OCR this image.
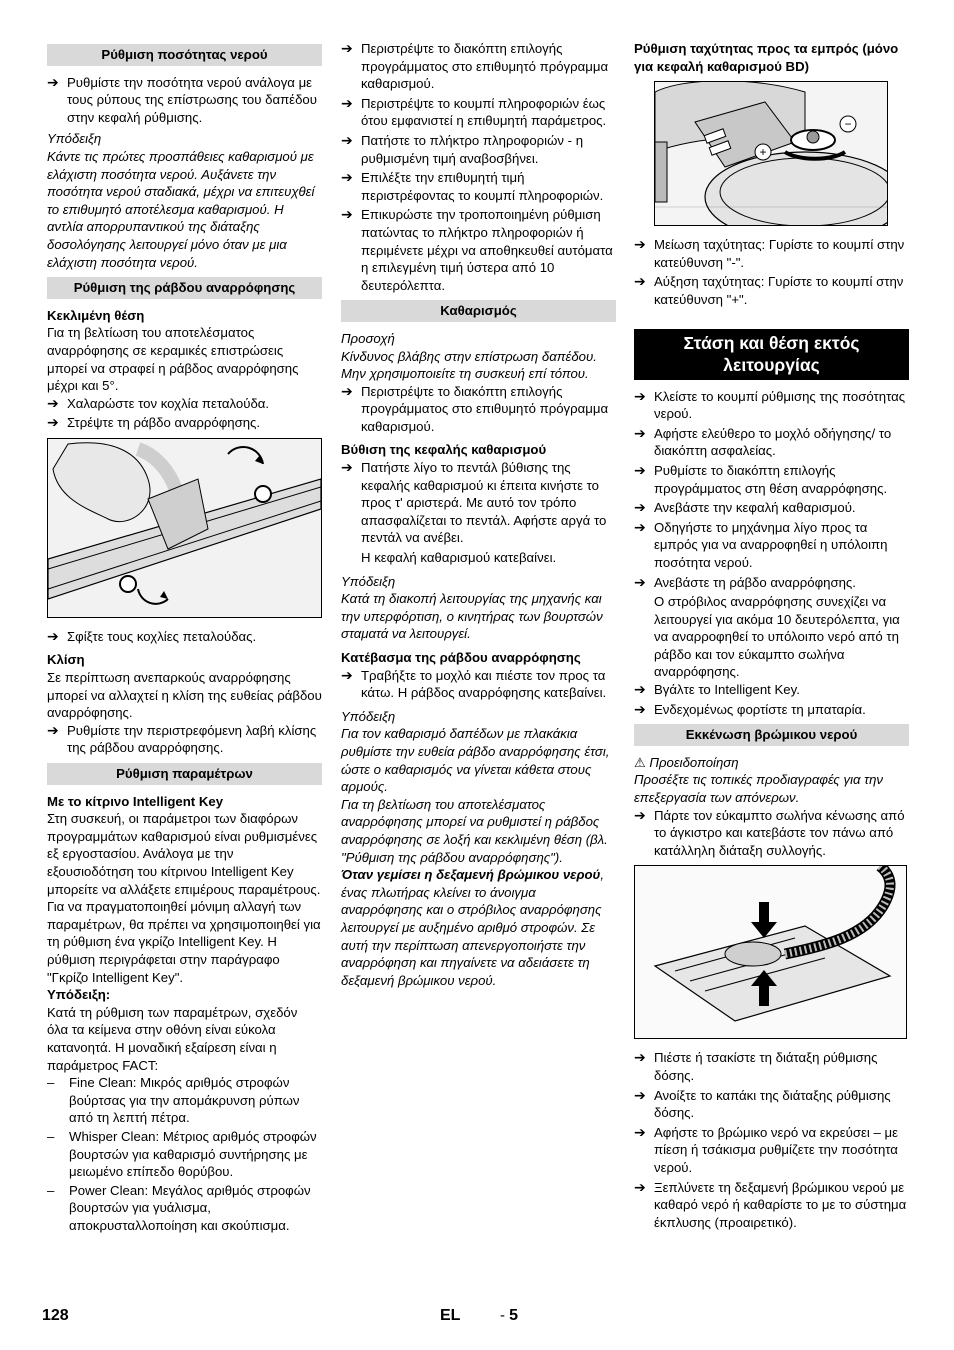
Ρύθμιση ποσότητας νερού
➔ Ρυθμίστε την ποσότητα νερού ανάλογα με τους ρύπους της επίστρωσης του δαπέδου στην κεφαλή ρύθμισης.
Υπόδειξη
Κάντε τις πρώτες προσπάθειες καθαρισμού με ελάχιστη ποσότητα νερού. Αυξάνετε την ποσότητα νερού σταδιακά, μέχρι να επιτευχθεί το επιθυμητό αποτέλεσμα καθαρισμού. Η αντλία απορρυπαντικού της διάταξης δοσολόγησης λειτουργεί μόνο όταν με μια ελάχιστη ποσότητα νερού.
Ρύθμιση της ράβδου αναρρόφησης
Κεκλιμένη θέση
Για τη βελτίωση του αποτελέσματος αναρρόφησης σε κεραμικές επιστρώσεις μπορεί να στραφεί η ράβδος αναρρόφησης μέχρι και 5°.
➔ Χαλαρώστε τον κοχλία πεταλούδα.
➔ Στρέψτε τη ράβδο αναρρόφησης.
➔ Σφίξτε τους κοχλίες πεταλούδας.
Κλίση
Σε περίπτωση ανεπαρκούς αναρρόφησης μπορεί να αλλαχτεί η κλίση της ευθείας ράβδου αναρρόφησης.
➔ Ρυθμίστε την περιστρεφόμενη λαβή κλίσης της ράβδου αναρρόφησης.
Ρύθμιση παραμέτρων
Με το κίτρινο Intelligent Key
Στη συσκευή, οι παράμετροι των διαφόρων προγραμμάτων καθαρισμού είναι ρυθμισμένες εξ εργοστασίου. Ανάλογα με την εξουσιοδότηση του κίτρινου Intelligent Key μπορείτε να αλλάξετε επιμέρους παραμέτρους. Για να πραγματοποιηθεί μόνιμη αλλαγή των παραμέτρων, θα πρέπει να χρησιμοποιηθεί για τη ρύθμιση ένα γκρίζο Intelligent Key. Η ρύθμιση περιγράφεται στην παράγραφο "Γκρίζο Intelligent Key".
Υπόδειξη:
Κατά τη ρύθμιση των παραμέτρων, σχεδόν όλα τα κείμενα στην οθόνη είναι εύκολα κατανοητά. Η μοναδική εξαίρεση είναι η παράμετρος FACT:
– Fine Clean: Μικρός αριθμός στροφών βούρτσας για την απομάκρυνση ρύπων από τη λεπτή πέτρα.
– Whisper Clean: Μέτριος αριθμός στροφών βουρτσών για καθαρισμό συντήρησης με μειωμένο επίπεδο θορύβου.
– Power Clean: Μεγάλος αριθμός στροφών βουρτσών για γυάλισμα, αποκρυσταλλοποίηση και σκούπισμα.
➔ Περιστρέψτε το διακόπτη επιλογής προγράμματος στο επιθυμητό πρόγραμμα καθαρισμού.
➔ Περιστρέψτε το κουμπί πληροφοριών έως ότου εμφανιστεί η επιθυμητή παράμετρος.
➔ Πατήστε το πλήκτρο πληροφοριών - η ρυθμισμένη τιμή αναβοσβήνει.
➔ Επιλέξτε την επιθυμητή τιμή περιστρέφοντας το κουμπί πληροφοριών.
➔ Επικυρώστε την τροποποιημένη ρύθμιση πατώντας το πλήκτρο πληροφοριών ή περιμένετε μέχρι να αποθηκευθεί αυτόματα η επιλεγμένη τιμή ύστερα από 10 δευτερόλεπτα.
Καθαρισμός
Προσοχή
Κίνδυνος βλάβης στην επίστρωση δαπέδου. Μην χρησιμοποιείτε τη συσκευή επί τόπου.
➔ Περιστρέψτε το διακόπτη επιλογής προγράμματος στο επιθυμητό πρόγραμμα καθαρισμού.
Βύθιση της κεφαλής καθαρισμού
➔ Πατήστε λίγο το πεντάλ βύθισης της κεφαλής καθαρισμού κι έπειτα κινήστε το προς τ' αριστερά. Με αυτό τον τρόπο απασφαλίζεται το πεντάλ. Αφήστε αργά το πεντάλ να ανέβει.
Η κεφαλή καθαρισμού κατεβαίνει.
Υπόδειξη
Κατά τη διακοπή λειτουργίας της μηχανής και την υπερφόρτιση, ο κινητήρας των βουρτσών σταματά να λειτουργεί.
Κατέβασμα της ράβδου αναρρόφησης
➔ Τραβήξτε το μοχλό και πιέστε τον προς τα κάτω. Η ράβδος αναρρόφησης κατεβαίνει.
Υπόδειξη
Για τον καθαρισμό δαπέδων με πλακάκια ρυθμίστε την ευθεία ράβδο αναρρόφησης έτσι, ώστε ο καθαρισμός να γίνεται κάθετα στους αρμούς.
Για τη βελτίωση του αποτελέσματος αναρρόφησης μπορεί να ρυθμιστεί η ράβδος αναρρόφησης σε λοξή και κεκλιμένη θέση (βλ. "Ρύθμιση της ράβδου αναρρόφησης").
Όταν γεμίσει η δεξαμενή βρώμικου νερού, ένας πλωτήρας κλείνει το άνοιγμα αναρρόφησης και ο στρόβιλος αναρρόφησης λειτουργεί με αυξημένο αριθμό στροφών. Σε αυτή την περίπτωση απενεργοποιήστε την αναρρόφηση και πηγαίνετε να αδειάσετε τη δεξαμενή βρώμικου νερού.
Ρύθμιση ταχύτητας προς τα εμπρός (μόνο για κεφαλή καθαρισμού BD)
+
−
➔ Μείωση ταχύτητας: Γυρίστε το κουμπί στην κατεύθυνση "-".
➔ Αύξηση ταχύτητας: Γυρίστε το κουμπί στην κατεύθυνση "+".
Στάση και θέση εκτός λειτουργίας
➔ Κλείστε το κουμπί ρύθμισης της ποσότητας νερού.
➔ Αφήστε ελεύθερο το μοχλό οδήγησης/ το διακόπτη ασφαλείας.
➔ Ρυθμίστε το διακόπτη επιλογής προγράμματος στη θέση αναρρόφησης.
➔ Ανεβάστε την κεφαλή καθαρισμού.
➔ Οδηγήστε το μηχάνημα λίγο προς τα εμπρός για να αναρροφηθεί η υπόλοιπη ποσότητα νερού.
➔ Ανεβάστε τη ράβδο αναρρόφησης.
Ο στρόβιλος αναρρόφησης συνεχίζει να λειτουργεί για ακόμα 10 δευτερόλεπτα, για να αναρροφηθεί το υπόλοιπο νερό από τη ράβδο και τον εύκαμπτο σωλήνα αναρρόφησης.
➔ Βγάλτε το Intelligent Key.
➔ Ενδεχομένως φορτίστε τη μπαταρία.
Εκκένωση βρώμικου νερού
⚠ Προειδοποίηση
Προσέξτε τις τοπικές προδιαγραφές για την επεξεργασία των απόνερων.
➔ Πάρτε τον εύκαμπτο σωλήνα κένωσης από το άγκιστρο και κατεβάστε τον πάνω από κατάλληλη διάταξη συλλογής.
➔ Πιέστε ή τσακίστε τη διάταξη ρύθμισης δόσης.
➔ Ανοίξτε το καπάκι της διάταξης ρύθμισης δόσης.
➔ Αφήστε το βρώμικο νερό να εκρεύσει – με πίεση ή τσάκισμα ρυθμίζετε την ποσότητα νερού.
➔ Ξεπλύνετε τη δεξαμενή βρώμικου νερού με καθαρό νερό ή καθαρίστε το με το σύστημα έκπλυσης (προαιρετικό).
128	EL	- 5
